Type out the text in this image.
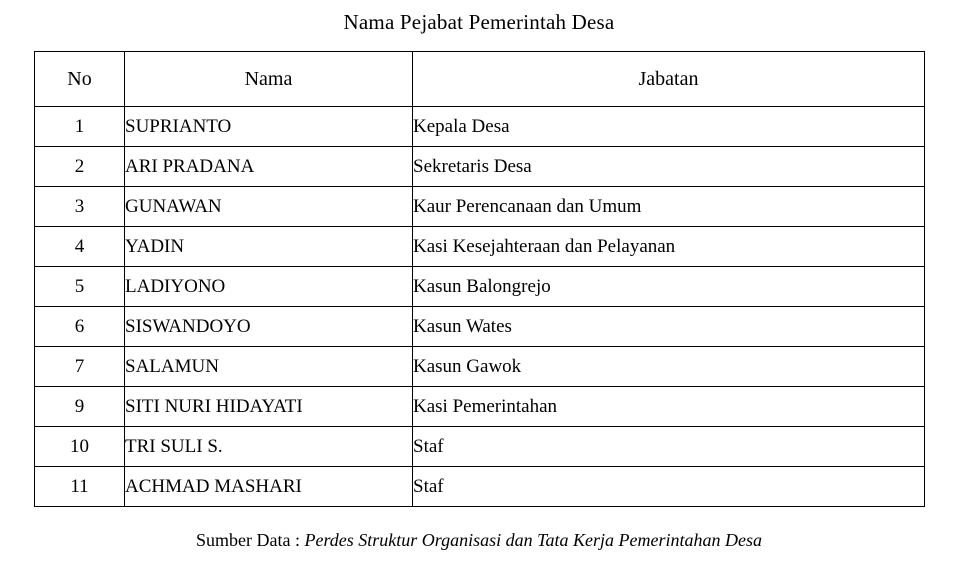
Nama Pejabat Pemerintah Desa
No	Nama	Jabatan
1	SUPRIANTO	Kepala Desa
2	ARI PRADANA	Sekretaris Desa
3	GUNAWAN	Kaur Perencanaan dan Umum
4	YADIN	Kasi Kesejahteraan dan Pelayanan
5	LADIYONO	Kasun Balongrejo
6	SISWANDOYO	Kasun Wates
7	SALAMUN	Kasun Gawok
9	SITI NURI HIDAYATI	Kasi Pemerintahan
10	TRI SULI S.	Staf
11	ACHMAD MASHARI	Staf
Sumber Data : Perdes Struktur Organisasi dan Tata Kerja Pemerintahan Desa
